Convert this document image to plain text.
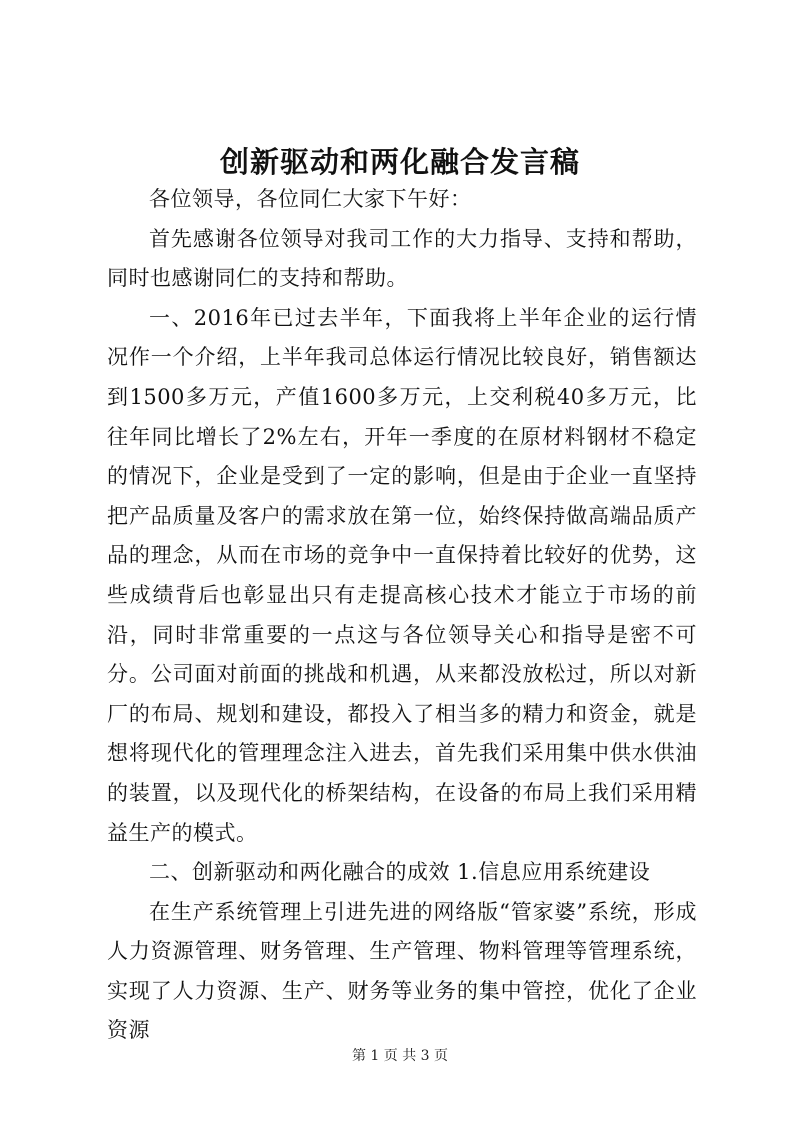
创新驱动和两化融合发言稿

各位领导，各位同仁大家下午好：

首先感谢各位领导对我司工作的大力指导、支持和帮助，同时也感谢同仁的支持和帮助。

一、2016年已过去半年，下面我将上半年企业的运行情况作一个介绍，上半年我司总体运行情况比较良好，销售额达到1500多万元，产值1600多万元，上交利税40多万元，比往年同比增长了2%左右，开年一季度的在原材料钢材不稳定的情况下，企业是受到了一定的影响，但是由于企业一直坚持把产品质量及客户的需求放在第一位，始终保持做高端品质产品的理念，从而在市场的竞争中一直保持着比较好的优势，这些成绩背后也彰显出只有走提高核心技术才能立于市场的前沿，同时非常重要的一点这与各位领导关心和指导是密不可分。公司面对前面的挑战和机遇，从来都没放松过，所以对新厂的布局、规划和建设，都投入了相当多的精力和资金，就是想将现代化的管理理念注入进去，首先我们采用集中供水供油的装置，以及现代化的桥架结构，在设备的布局上我们采用精益生产的模式。

二、创新驱动和两化融合的成效 1.信息应用系统建设

在生产系统管理上引进先进的网络版“管家婆”系统，形成人力资源管理、财务管理、生产管理、物料管理等管理系统，实现了人力资源、生产、财务等业务的集中管控，优化了企业资源

第 1 页 共 3 页
